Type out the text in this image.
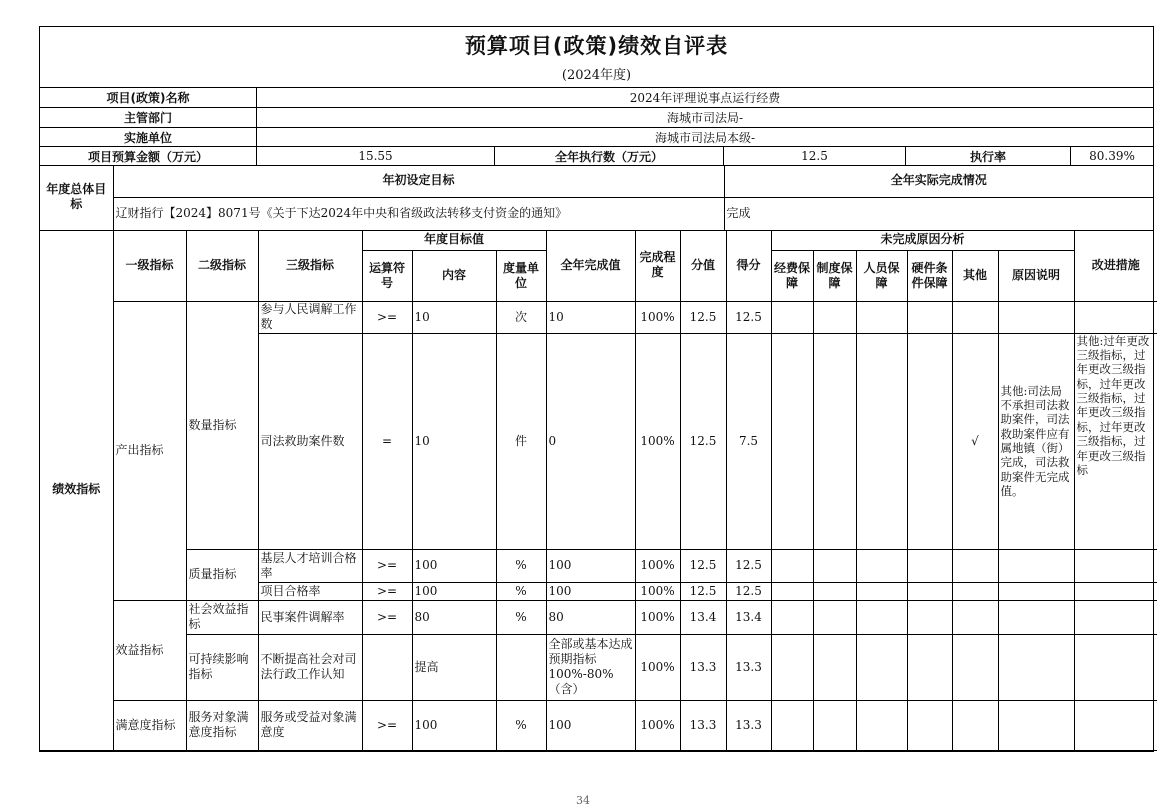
预算项目(政策)绩效自评表
(2024年度)
项目(政策)名称	2024年评理说事点运行经费
主管部门	海城市司法局-
实施单位	海城市司法局本级-
项目预算金额（万元）	15.55	全年执行数（万元）	12.5	执行率	80.39%
年度总体目标	年初设定目标	全年实际完成情况
	辽财指行【2024】8071号《关于下达2024年中央和省级政法转移支付资金的通知》	完成
绩效指标	一级指标	二级指标	三级指标	年度目标值			全年完成值	完成程度	分值	得分	未完成原因分析						改进措施
				运算符号	内容	度量单位					经费保障	制度保障	人员保障	硬件条件保障	其他	原因说明	
	产出指标	数量指标	参与人民调解工作数	>=	10	次	10	100%	12.5	12.5							
			司法救助案件数	=	10	件	0	100%	12.5	7.5					√	其他:司法局不承担司法救助案件，司法救助案件应有属地镇（街）完成，司法救助案件无完成值。	其他:过年更改三级指标，过年更改三级指标，过年更改三级指标，过年更改三级指标，过年更改三级指标，过年更改三级指标
		质量指标	基层人才培训合格率	>=	100	%	100	100%	12.5	12.5							
			项目合格率	>=	100	%	100	100%	12.5	12.5							
	效益指标	社会效益指标	民事案件调解率	>=	80	%	80	100%	13.4	13.4							
		可持续影响指标	不断提高社会对司法行政工作认知		提高		全部或基本达成预期指标100%-80%（含）	100%	13.3	13.3							
	满意度指标	服务对象满意度指标	服务或受益对象满意度	>=	100	%	100	100%	13.3	13.3							
34
